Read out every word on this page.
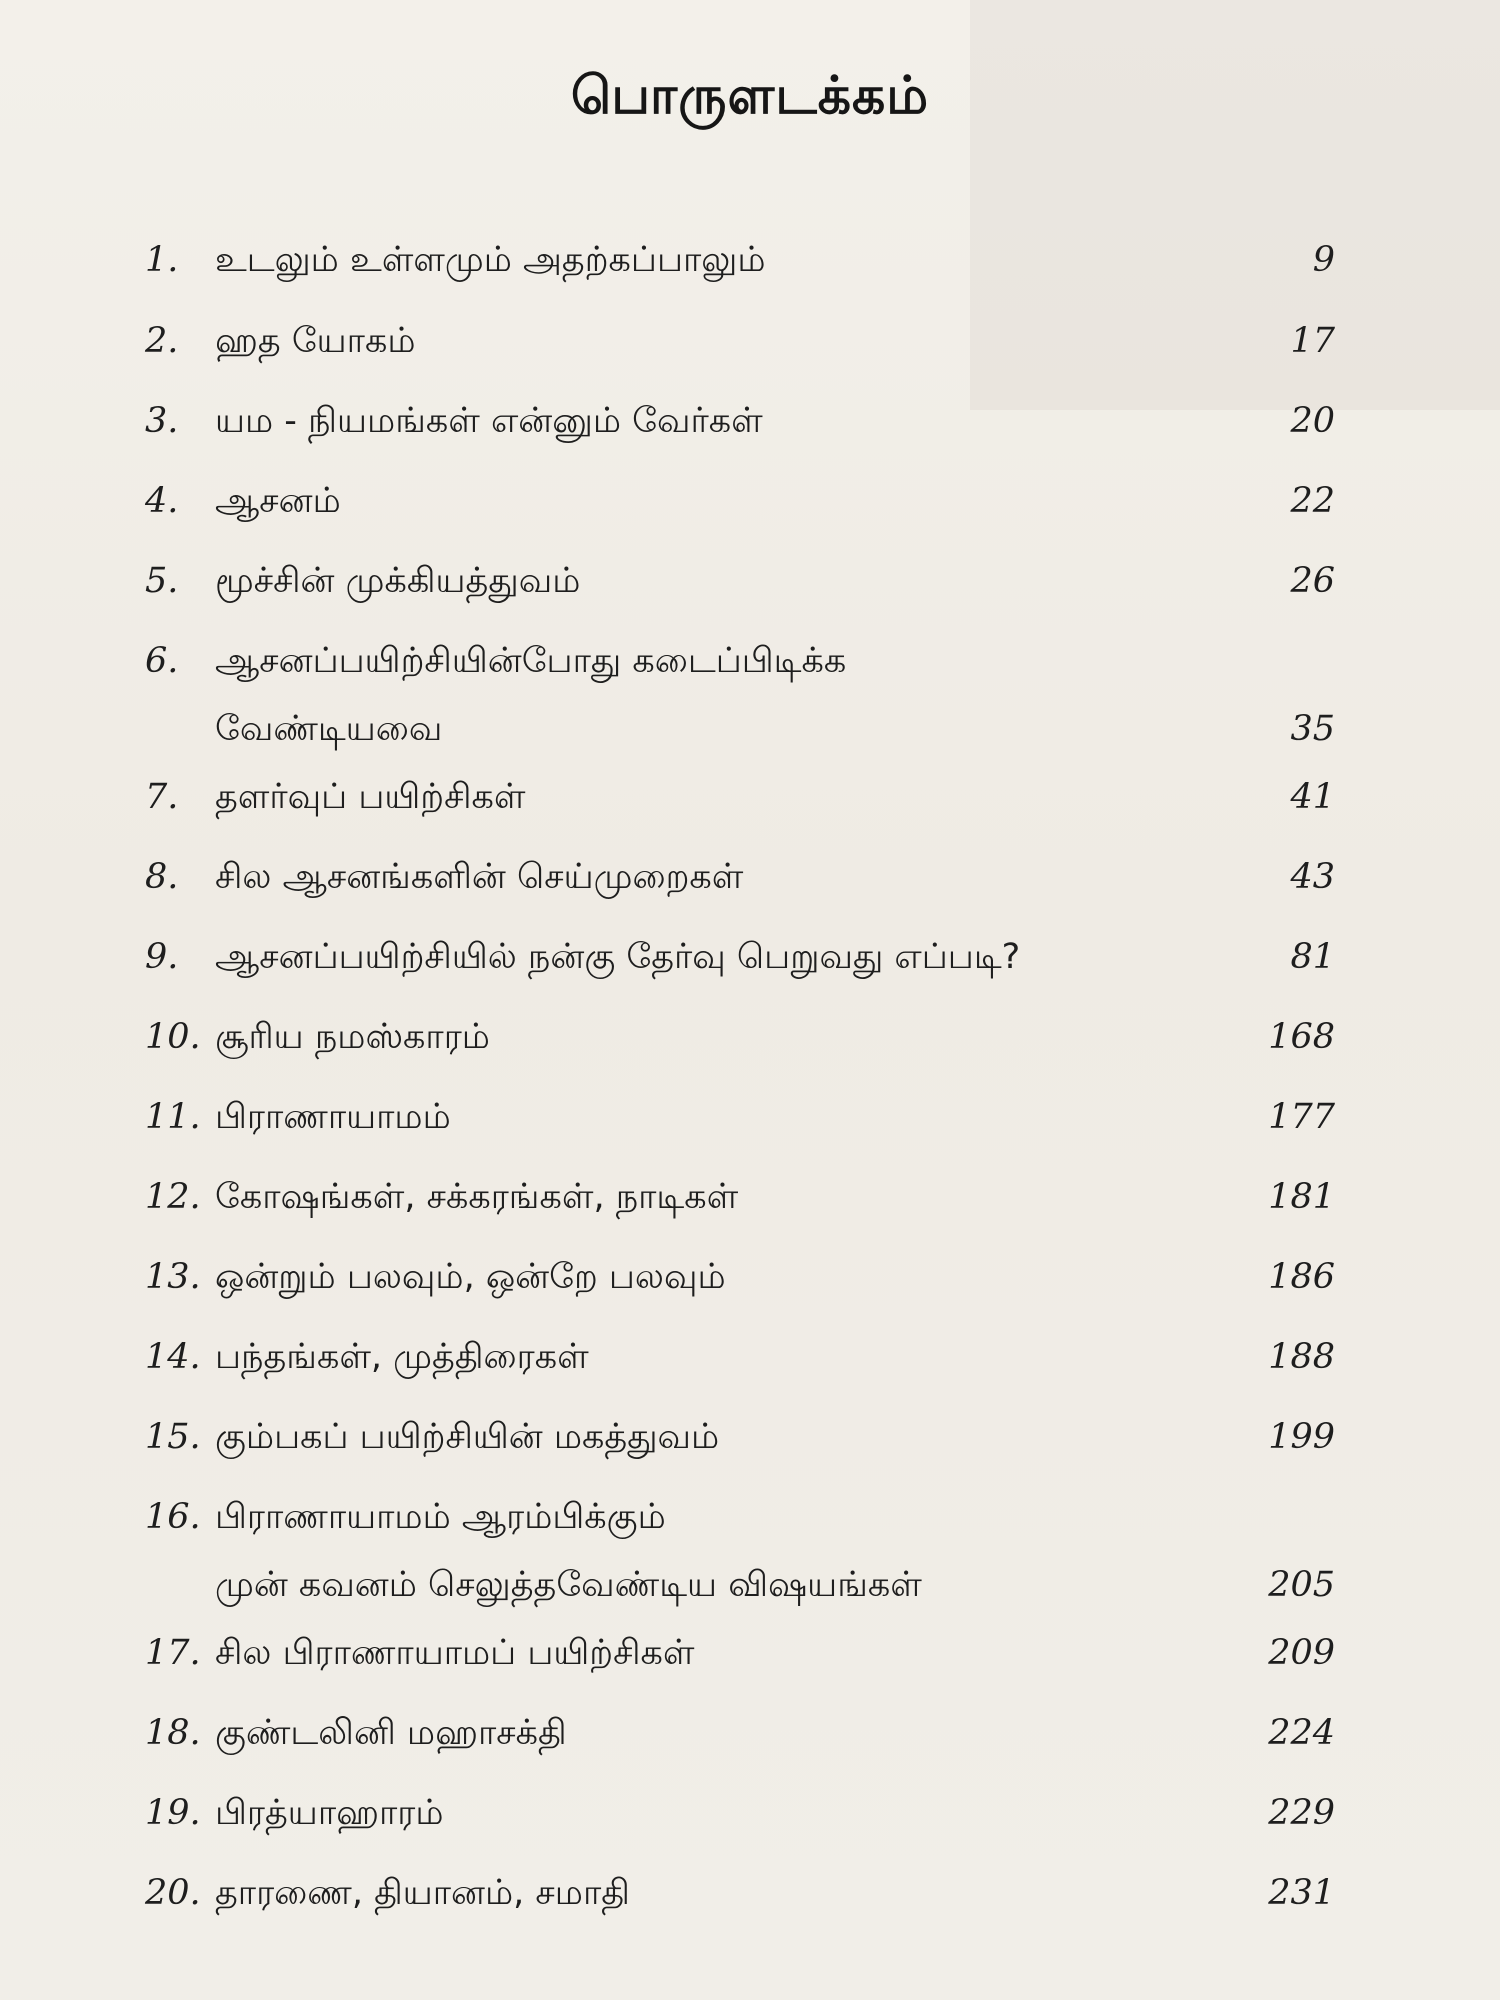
பொருளடக்கம்
1. உடலும் உள்ளமும் அதற்கப்பாலும்	9
2. ஹத யோகம்	17
3. யம - நியமங்கள் என்னும் வேர்கள்	20
4. ஆசனம்	22
5. மூச்சின் முக்கியத்துவம்	26
6. ஆசனப்பயிற்சியின்போது கடைப்பிடிக்க
வேண்டியவை	35
7. தளர்வுப் பயிற்சிகள்	41
8. சில ஆசனங்களின் செய்முறைகள்	43
9. ஆசனப்பயிற்சியில் நன்கு தேர்வு பெறுவது எப்படி?	81
10. சூரிய நமஸ்காரம்	168
11. பிராணாயாமம்	177
12. கோஷங்கள், சக்கரங்கள், நாடிகள்	181
13. ஒன்றும் பலவும், ஒன்றே பலவும்	186
14. பந்தங்கள், முத்திரைகள்	188
15. கும்பகப் பயிற்சியின் மகத்துவம்	199
16. பிராணாயாமம் ஆரம்பிக்கும்
முன் கவனம் செலுத்தவேண்டிய விஷயங்கள்	205
17. சில பிராணாயாமப் பயிற்சிகள்	209
18. குண்டலினி மஹாசக்தி	224
19. பிரத்யாஹாரம்	229
20. தாரணை, தியானம், சமாதி	231
